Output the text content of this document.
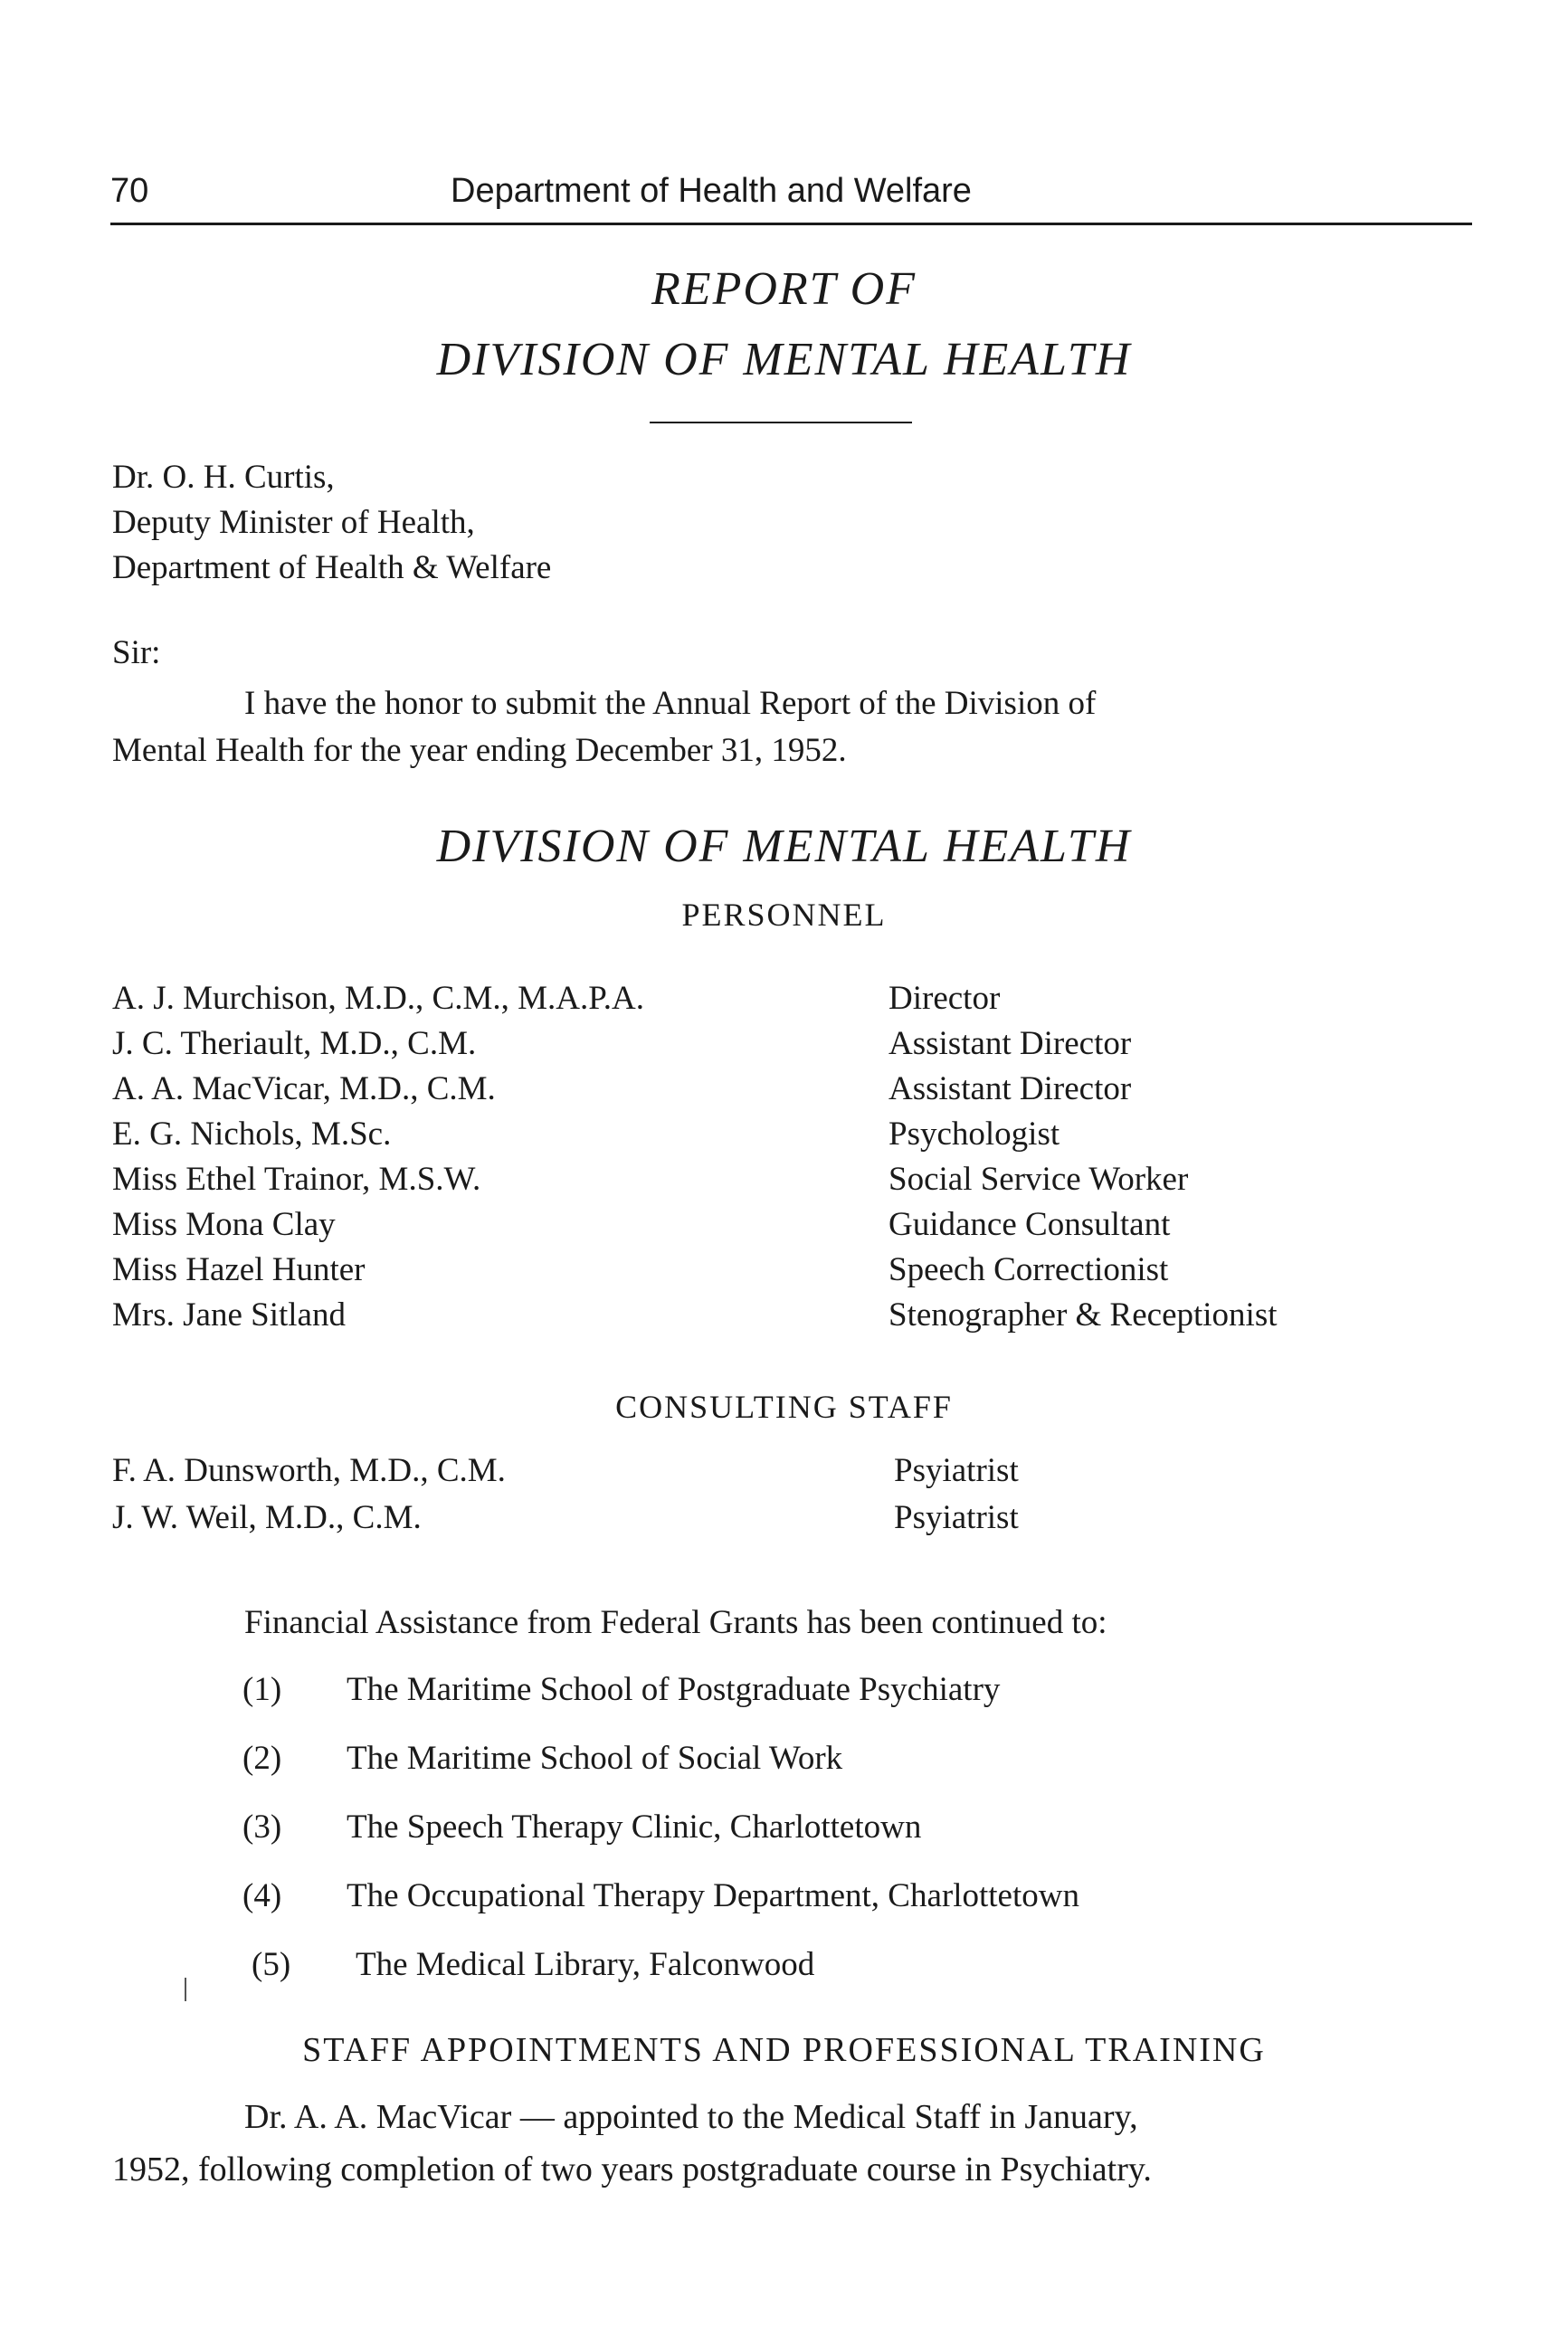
70	Department of Health and Welfare
REPORT OF
DIVISION OF MENTAL HEALTH
Dr. O. H. Curtis,
Deputy Minister of Health,
Department of Health & Welfare
Sir:
I have the honor to submit the Annual Report of the Division of
Mental Health for the year ending December 31, 1952.
DIVISION OF MENTAL HEALTH
PERSONNEL
A. J. Murchison, M.D., C.M., M.A.P.A.	Director
J. C. Theriault, M.D., C.M.	Assistant Director
A. A. MacVicar, M.D., C.M.	Assistant Director
E. G. Nichols, M.Sc.	Psychologist
Miss Ethel Trainor, M.S.W.	Social Service Worker
Miss Mona Clay	Guidance Consultant
Miss Hazel Hunter	Speech Correctionist
Mrs. Jane Sitland	Stenographer & Receptionist
CONSULTING STAFF
F. A. Dunsworth, M.D., C.M.	Psyiatrist
J. W. Weil, M.D., C.M.	Psyiatrist
Financial Assistance from Federal Grants has been continued to:
(1) The Maritime School of Postgraduate Psychiatry
(2) The Maritime School of Social Work
(3) The Speech Therapy Clinic, Charlottetown
(4) The Occupational Therapy Department, Charlottetown
(5) The Medical Library, Falconwood
STAFF APPOINTMENTS AND PROFESSIONAL TRAINING
Dr. A. A. MacVicar — appointed to the Medical Staff in January,
1952, following completion of two years postgraduate course in Psychiatry.
